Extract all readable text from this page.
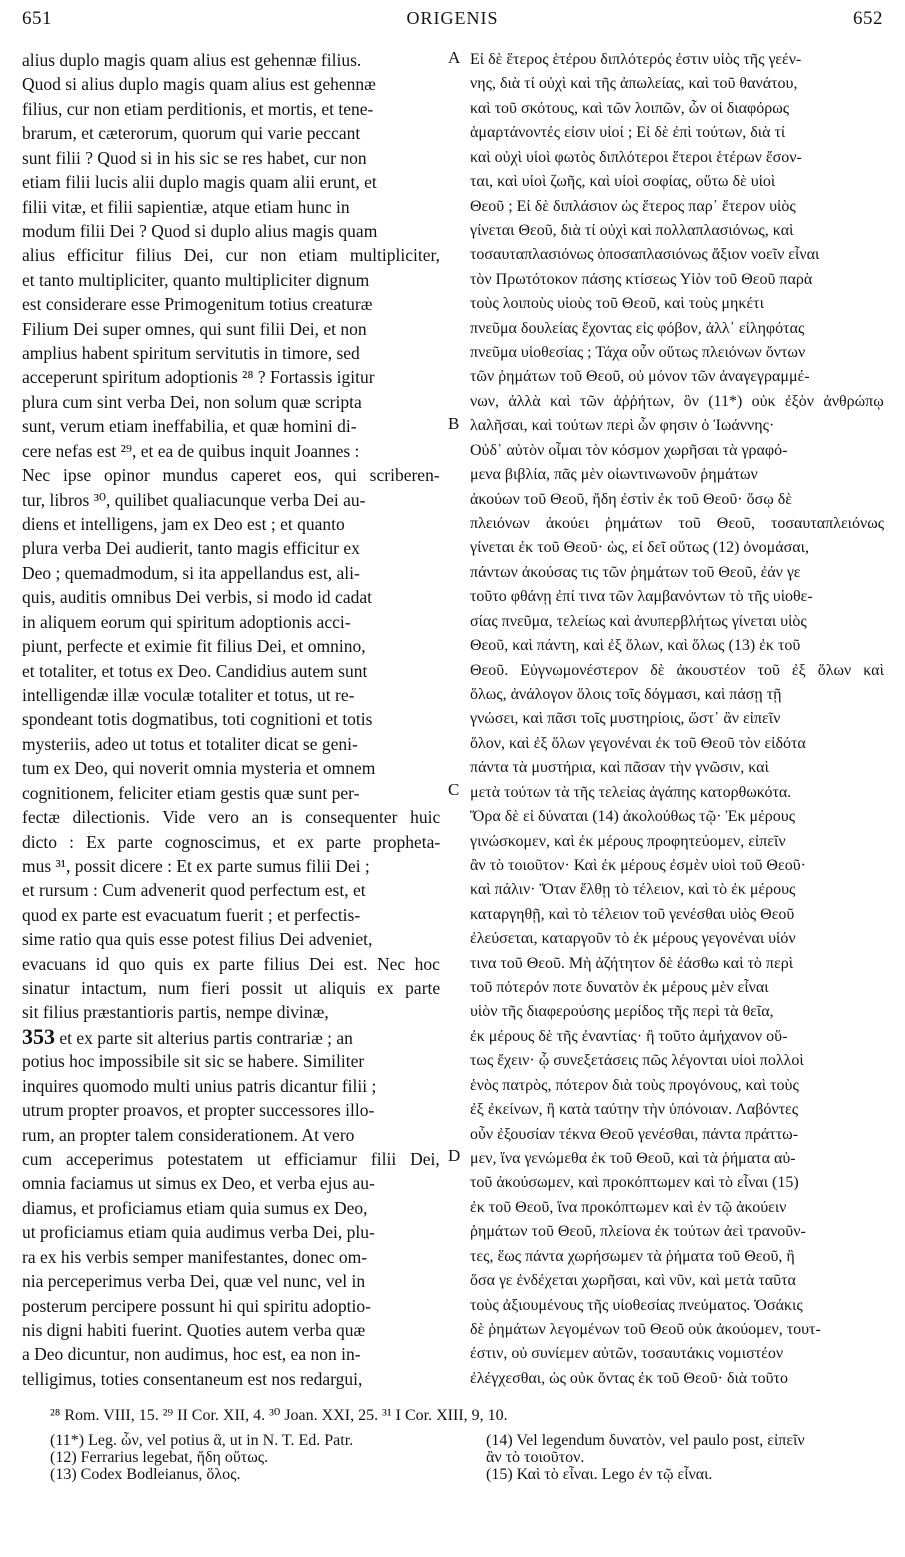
651	ORIGENIS	652
alius duplo magis quam alius est gehennæ filius.
Quod si alius duplo magis quam alius est gehennæ
filius, cur non etiam perditionis, et mortis, et tene-
brarum, et cæterorum, quorum qui varie peccant
sunt filii ? Quod si in his sic se res habet, cur non
etiam filii lucis alii duplo magis quam alii erunt, et
filii vitæ, et filii sapientiæ, atque etiam hunc in
modum filii Dei ? Quod si duplo alius magis quam
alius efficitur filius Dei, cur non etiam multipliciter,
et tanto multipliciter, quanto multipliciter dignum
est considerare esse Primogenitum totius creaturæ
Filium Dei super omnes, qui sunt filii Dei, et non
amplius habent spiritum servitutis in timore, sed
acceperunt spiritum adoptionis ²⁸ ? Fortassis igitur
plura cum sint verba Dei, non solum quæ scripta
sunt, verum etiam ineffabilia, et quæ homini di-
cere nefas est ²⁹, et ea de quibus inquit Joannes :
Nec ipse opinor mundus caperet eos, qui scriberen-
tur, libros ³⁰, quilibet qualiacunque verba Dei au-
diens et intelligens, jam ex Deo est ; et quanto
plura verba Dei audierit, tanto magis efficitur ex
Deo ; quemadmodum, si ita appellandus est, ali-
quis, auditis omnibus Dei verbis, si modo id cadat
in aliquem eorum qui spiritum adoptionis acci-
piunt, perfecte et eximie fit filius Dei, et omnino,
et totaliter, et totus ex Deo. Candidius autem sunt
intelligendæ illæ voculæ totaliter et totus, ut re-
spondeant totis dogmatibus, toti cognitioni et totis
mysteriis, adeo ut totus et totaliter dicat se geni-
tum ex Deo, qui noverit omnia mysteria et omnem
cognitionem, feliciter etiam gestis quæ sunt per-
fectæ dilectionis. Vide vero an is consequenter huic
dicto : Ex parte cognoscimus, et ex parte propheta-
mus ³¹, possit dicere : Et ex parte sumus filii Dei ;
et rursum : Cum advenerit quod perfectum est, et
quod ex parte est evacuatum fuerit ; et perfectis-
sime ratio qua quis esse potest filius Dei adveniet,
evacuans id quo quis ex parte filius Dei est. Nec hoc
sinatur intactum, num fieri possit ut aliquis ex parte
sit filius præstantioris partis, nempe divinæ,
353 et ex parte sit alterius partis contrariæ ; an
potius hoc impossibile sit sic se habere. Similiter
inquires quomodo multi unius patris dicantur filii ;
utrum propter proavos, et propter successores illo-
rum, an propter talem considerationem. At vero
cum acceperimus potestatem ut efficiamur filii Dei,
omnia faciamus ut simus ex Deo, et verba ejus au-
diamus, et proficiamus etiam quia sumus ex Deo,
ut proficiamus etiam quia audimus verba Dei, plu-
ra ex his verbis semper manifestantes, donec om-
nia perceperimus verba Dei, quæ vel nunc, vel in
posterum percipere possunt hi qui spiritu adoptio-
nis digni habiti fuerint. Quoties autem verba quæ
a Deo dicuntur, non audimus, hoc est, ea non in-
telligimus, toties consentaneum est nos redargui,
Εἰ δὲ ἕτερος ἑτέρου διπλότερός ἐστιν υἱὸς τῆς γεέν-
νης, διὰ τί οὐχὶ καὶ τῆς ἀπωλείας, καὶ τοῦ θανάτου,
καὶ τοῦ σκότους, καὶ τῶν λοιπῶν, ὧν οἱ διαφόρως
ἁμαρτάνοντές εἰσιν υἱοί ; Εἰ δὲ ἐπὶ τούτων, διὰ τί
καὶ οὐχὶ υἱοὶ φωτὸς διπλότεροι ἕτεροι ἑτέρων ἔσον-
ται, καὶ υἱοὶ ζωῆς, καὶ υἱοὶ σοφίας, οὕτω δὲ υἱοὶ
Θεοῦ ; Εἰ δὲ διπλάσιον ὡς ἕτερος παρ᾽ ἕτερον υἱὸς
γίνεται Θεοῦ, διὰ τί οὐχὶ καὶ πολλαπλασιόνως, καὶ
τοσαυταπλασιόνως ὁποσαπλασιόνως ἄξιον νοεῖν εἶναι
τὸν Πρωτότοκον πάσης κτίσεως Υἱὸν τοῦ Θεοῦ παρὰ
τοὺς λοιποὺς υἱοὺς τοῦ Θεοῦ, καὶ τοὺς μηκέτι
πνεῦμα δουλείας ἔχοντας εἰς φόβον, ἀλλ᾽ εἰληφότας
πνεῦμα υἱοθεσίας ; Τάχα οὖν οὕτως πλειόνων ὄντων
τῶν ῥημάτων τοῦ Θεοῦ, οὐ μόνον τῶν ἀναγεγραμμέ-
νων, ἀλλὰ καὶ τῶν ἀῤῥήτων, ὃν (11*) οὐκ ἐξὸν ἀνθρώπῳ
λαλῆσαι, καὶ τούτων περὶ ὧν φησιν ὁ Ἰωάννης·
Οὐδ᾽ αὐτὸν οἶμαι τὸν κόσμον χωρῆσαι τὰ γραφό-
μενα βιβλία, πᾶς μὲν οἱωντινωνοῦν ῥημάτων
ἀκούων τοῦ Θεοῦ, ἤδη ἐστὶν ἐκ τοῦ Θεοῦ· ὅσῳ δὲ
πλειόνων ἀκούει ῥημάτων τοῦ Θεοῦ, τοσαυταπλειόνως
γίνεται ἐκ τοῦ Θεοῦ· ὡς, εἰ δεῖ οὕτως (12) ὀνομάσαι,
πάντων ἀκούσας τις τῶν ῥημάτων τοῦ Θεοῦ, ἐάν γε
τοῦτο φθάνῃ ἐπί τινα τῶν λαμβανόντων τὸ τῆς υἱοθε-
σίας πνεῦμα, τελείως καὶ ἀνυπερβλήτως γίνεται υἱὸς
Θεοῦ, καὶ πάντη, καὶ ἐξ ὅλων, καὶ ὅλως (13) ἐκ τοῦ
Θεοῦ. Εὐγνωμονέστερον δὲ ἀκουστέον τοῦ ἐξ ὅλων καὶ
ὅλως, ἀνάλογον ὅλοις τοῖς δόγμασι, καὶ πάσῃ τῇ
γνώσει, καὶ πᾶσι τοῖς μυστηρίοις, ὥστ᾽ ἂν εἰπεῖν
ὅλον, καὶ ἐξ ὅλων γεγονέναι ἐκ τοῦ Θεοῦ τὸν εἰδότα
πάντα τὰ μυστήρια, καὶ πᾶσαν τὴν γνῶσιν, καὶ
μετὰ τούτων τὰ τῆς τελείας ἀγάπης κατορθωκότα.
Ὅρα δὲ εἰ δύναται (14) ἀκολούθως τῷ· Ἐκ μέρους
γινώσκομεν, καὶ ἐκ μέρους προφητεύομεν, εἰπεῖν
ἂν τὸ τοιοῦτον· Καὶ ἐκ μέρους ἐσμὲν υἱοὶ τοῦ Θεοῦ·
καὶ πάλιν· Ὅταν ἔλθῃ τὸ τέλειον, καὶ τὸ ἐκ μέρους
καταργηθῇ, καὶ τὸ τέλειον τοῦ γενέσθαι υἱὸς Θεοῦ
ἐλεύσεται, καταργοῦν τὸ ἐκ μέρους γεγονέναι υἱόν
τινα τοῦ Θεοῦ. Μὴ ἀζήτητον δὲ ἐάσθω καὶ τὸ περὶ
τοῦ πότερόν ποτε δυνατὸν ἐκ μέρους μὲν εἶναι
υἱὸν τῆς διαφερούσης μερίδος τῆς περὶ τὰ θεῖα,
ἐκ μέρους δὲ τῆς ἐναντίας· ἢ τοῦτο ἀμήχανον οὕ-
τως ἔχειν· ᾧ συνεξετάσεις πῶς λέγονται υἱοὶ πολλοὶ
ἑνὸς πατρὸς, πότερον διὰ τοὺς προγόνους, καὶ τοὺς
ἐξ ἐκείνων, ἢ κατὰ ταύτην τὴν ὑπόνοιαν. Λαβόντες
οὖν ἐξουσίαν τέκνα Θεοῦ γενέσθαι, πάντα πράττω-
μεν, ἵνα γενώμεθα ἐκ τοῦ Θεοῦ, καὶ τὰ ῥήματα αὐ-
τοῦ ἀκούσωμεν, καὶ προκόπτωμεν καὶ τὸ εἶναι (15)
ἐκ τοῦ Θεοῦ, ἵνα προκόπτωμεν καὶ ἐν τῷ ἀκούειν
ῥημάτων τοῦ Θεοῦ, πλείονα ἐκ τούτων ἀεὶ τρανοῦν-
τες, ἕως πάντα χωρήσωμεν τὰ ῥήματα τοῦ Θεοῦ, ἢ
ὅσα γε ἐνδέχεται χωρῆσαι, καὶ νῦν, καὶ μετὰ ταῦτα
τοὺς ἀξιουμένους τῆς υἱοθεσίας πνεύματος. Ὁσάκις
δὲ ῥημάτων λεγομένων τοῦ Θεοῦ οὐκ ἀκούομεν, τουτ-
έστιν, οὐ συνίεμεν αὐτῶν, τοσαυτάκις νομιστέον
ἐλέγχεσθαι, ὡς οὐκ ὄντας ἐκ τοῦ Θεοῦ· διὰ τοῦτο
A
B
C
D
²⁸ Rom. VIII, 15. ²⁹ II Cor. XII, 4. ³⁰ Joan. XXI, 25. ³¹ I Cor. XIII, 9, 10.
(11*) Leg. ὧν, vel potius ἃ, ut in N. T. Ed. Patr.
(12) Ferrarius legebat, ἤδη οὕτως.
(13) Codex Bodleianus, ὅλος.
(14) Vel legendum δυνατὸν, vel paulo post, εἰπεῖν
ἂν τὸ τοιοῦτον.
(15) Καὶ τὸ εἶναι. Lego ἐν τῷ εἶναι.
